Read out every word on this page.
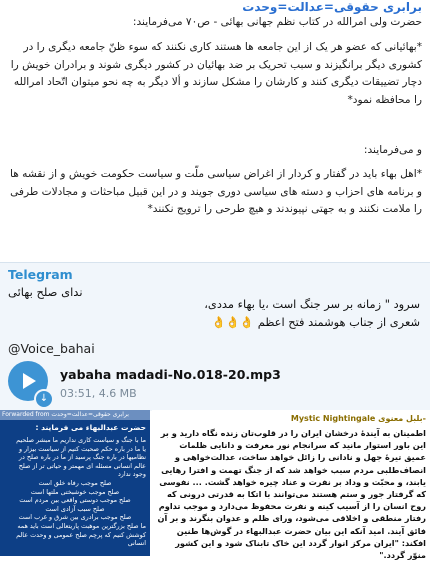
برابری حقوقی=عدالت=وحدت
حضرت ولی امرالله در کتاب نظم جهانی بهائی - ص۷۰ می‌فرمایند:
*بهائیانی که عضو هر یک از این جامعه ها هستند کاری نکنند که سوء ظنّ جامعه دیگری را در کشوری دیگر برانگیزند و سبب تحریک بر ضد بهائیان در کشور دیگری شوند و برادران خویش را دچار تضییقات دیگری کنند و کارشان را مشکل سازند و ألا دیگر به چه نحو میتوان اتّحاد امرالله را محافظه نمود*
و می‌فرمایند:
*اهل بهاء باید در گفتار و کردار از اغراض سیاسی ملّت و سیاست حکومت خویش و از نقشه ها و برنامه های احزاب و دسته های سیاسی دوری جویند و در این قبیل مباحثات و مجادلات طرفی را ملامت نکنند و به جهتی نپیوندند و هیچ طرحی را ترویج نکنند*
Telegram
ندای صلح بهائی
سرود " زمانه بر سر جنگ است ،یا بهاء مددی،
شعری از جناب هوشمند فتح اعظم 👌👌👌
@Voice_bahai
↓
yabaha madadi-No.018-20.mp3
03:51, 4.6 MB
Forwarded from برابری حقوقی=عدالت=وحدت
حضرت عبدالبهاء می فرمایند :
ما با جنگ و سیاست کاری نداریم ما مبشر صلحیم
یا ما در باره حکم صحبت کنیم از سیاست بیزار و
نظامیها در باره جنگ پرسید از ما در باره صلح در
عالم انسانی مسئله ای مهمتر و حیاتی تر از صلح
وجود ندارد
صلح موجب رفاه خلق است
صلح موجب خوشبختی ملتها است
صلح موجب دوستی واقعی بین مردم است
صلح سبب آزادی است
صلح موجب برادری بین شرق و غرب است
ما صلح بزرگترین موهبت پاریتعالی است باید همه کوشش کنیم که پرچم صلح عمومی و وحدت عالم انسانی
Mystic Nightingale بلبل معنوی-
اطمینان به آیندۀ درخشان ایران را در قلوب‌تان زنده نگاه دارید و بر این باور استوار مانید که سرانجام نور معرفت و دانایی ظلمات عمیق تیرۀ جهل و نادانی را زائل خواهد ساخت، عدالت‌خواهی و انصاف‌طلبی مردم سبب خواهد شد که از جنگ تهمت و افترا رهایی یابند، و محبّت و وداد بر نفرت و عناد چیره خواهد گشت. ... نفوسی که گرفتار جور و ستم هستند می‌توانند با اتکا به قدرتی درونی که روح انسان را از آسیب کینه و نفرت محفوظ می‌دارد و موجب تداوم رفتار منطقی و اخلاقی می‌شود، ورای ظلم و عدوان بنگرند و بر آن فائق آیند. امید آنکه این بیان حضرت عبدالبهاء در گوش‌ها طنین افکند: "ایران مرکز انوار گردد این خاک تابناک شود و این کشور منوّر گردد."
